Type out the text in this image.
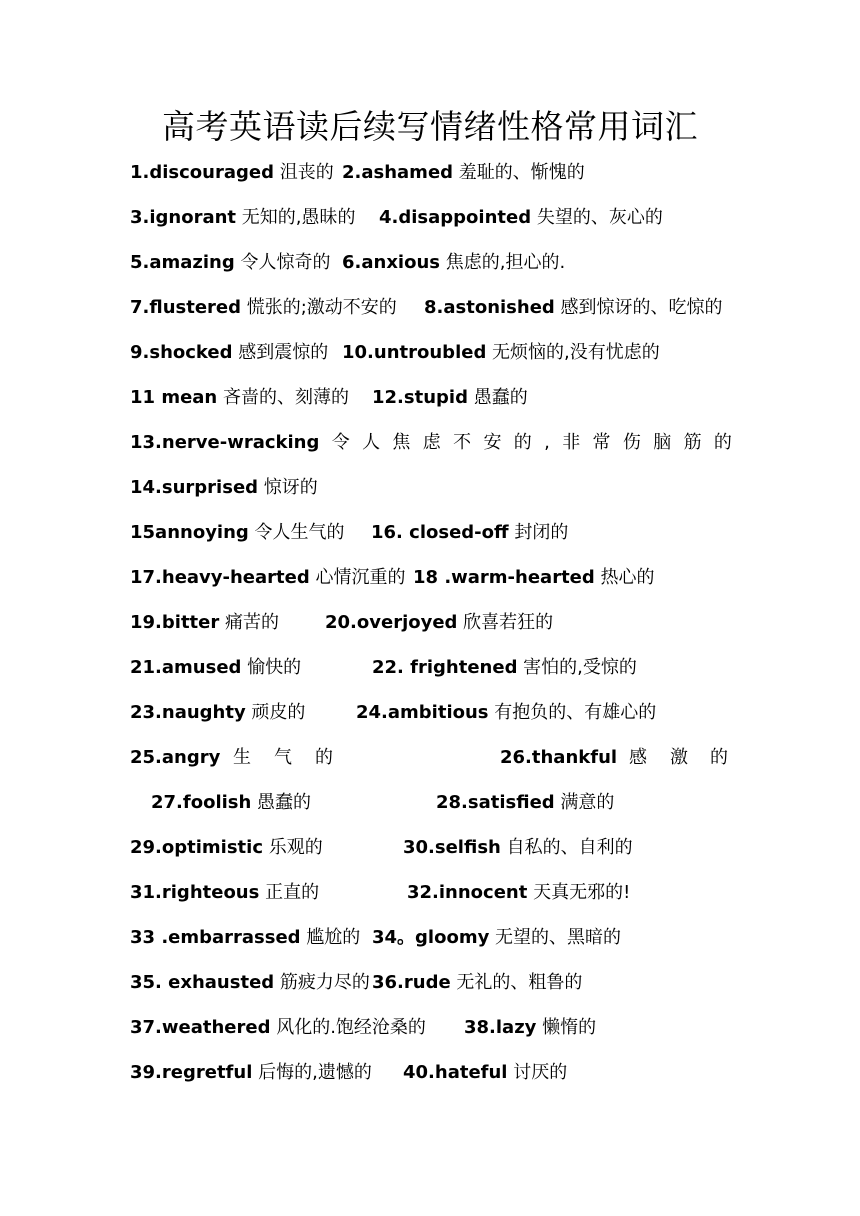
高考英语读后续写情绪性格常用词汇
1.discouraged 沮丧的 2.ashamed 羞耻的、惭愧的
3.ignorant 无知的,愚昧的 4.disappointed 失望的、灰心的
5.amazing 令人惊奇的 6.anxious 焦虑的,担心的.
7.flustered 慌张的;激动不安的 8.astonished 感到惊讶的、吃惊的
9.shocked 感到震惊的 10.untroubled 无烦恼的,没有忧虑的
11 mean 吝啬的、刻薄的 12.stupid 愚蠢的
13.nerve-wracking 令 人 焦 虑 不 安 的 , 非 常 伤 脑 筋 的
14.surprised 惊讶的
15annoying 令人生气的 16. closed-off 封闭的
17.heavy-hearted 心情沉重的 18 .warm-hearted 热心的
19.bitter 痛苦的	20.overjoyed 欣喜若狂的
21.amused 愉快的	22. frightened 害怕的,受惊的
23.naughty 顽皮的	24.ambitious 有抱负的、有雄心的
25.angry 生 气 的	26.thankful 感 激 的
27.foolish 愚蠢的	28.satisfied 满意的
29.optimistic 乐观的	30.selfish 自私的、自利的
31.righteous 正直的	32.innocent 天真无邪的!
33 .embarrassed 尴尬的 34。gloomy 无望的、黑暗的
35. exhausted 筋疲力尽的 36.rude 无礼的、粗鲁的
37.weathered 风化的.饱经沧桑的 38.lazy 懒惰的
39.regretful 后悔的,遗憾的 40.hateful 讨厌的
